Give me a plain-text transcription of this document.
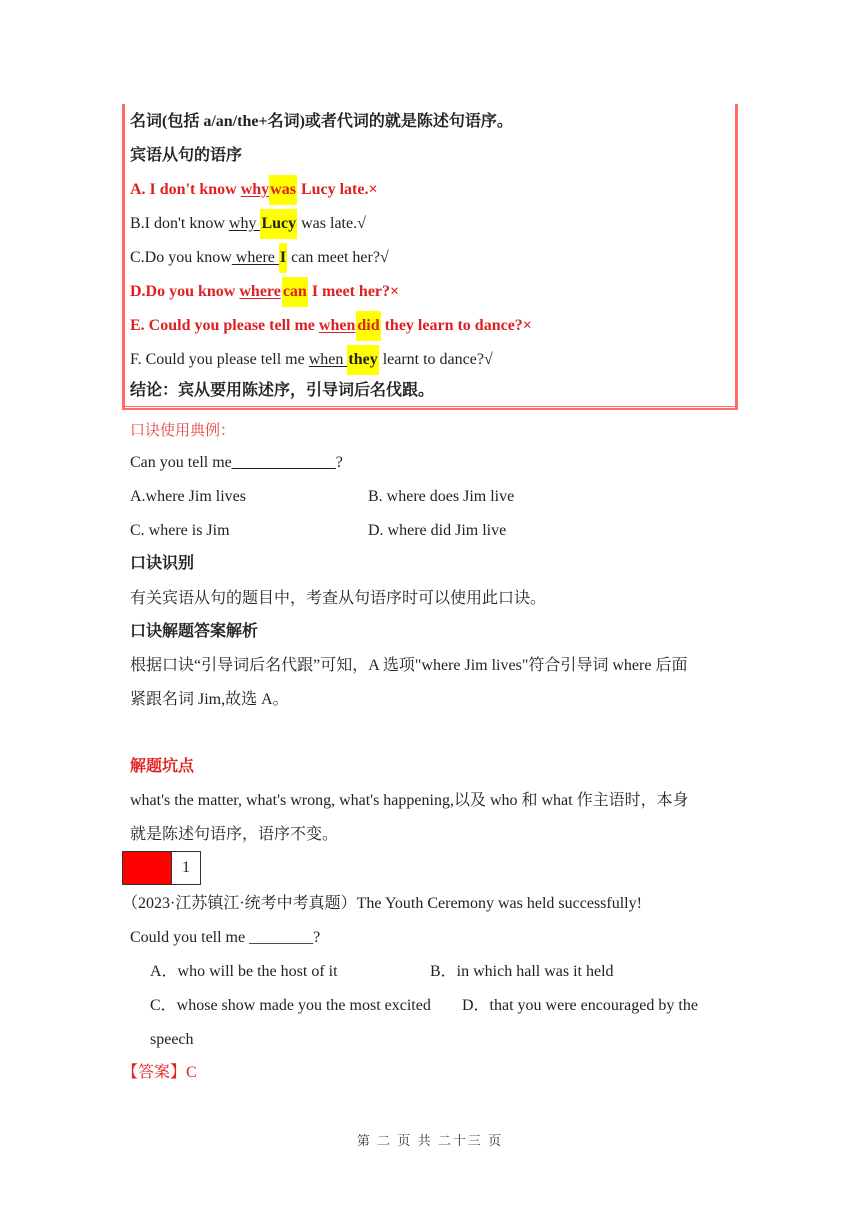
名词(包括 a/an/the+名词)或者代词的就是陈述句语序。
宾语从句的语序
A. I don't know whywas Lucy late.×
B.I don't know why Lucy was late.√
C.Do you know where I can meet her?√
D.Do you know where can I meet her?×
E. Could you please tell me when did they learn to dance?×
F. Could you please tell me when they learnt to dance?√
结论：宾从要用陈述序，引导词后名伐跟。
口诀使用典例：
Can you tell me_____________?
A.where Jim lives	B. where does Jim live
C. where is Jim	D. where did Jim live
口诀识别
有关宾语从句的题目中，考查从句语序时可以使用此口诀。
口诀解题答案解析
根据口诀“引导词后名代跟”可知，A 选项"where Jim lives"符合引导词 where 后面
紧跟名词 Jim,故选 A。
解题坑点
what's the matter, what's wrong, what's happening,以及 who 和 what 作主语时，本身
就是陈述句语序，语序不变。
1
（2023·江苏镇江·统考中考真题）The Youth Ceremony was held successfully!
Could you tell me ________?
A．who will be the host of it	B．in which hall was it held
C．whose show made you the most excited D．that you were encouraged by the
speech
【答案】C
第 二 页 共 二十三 页
